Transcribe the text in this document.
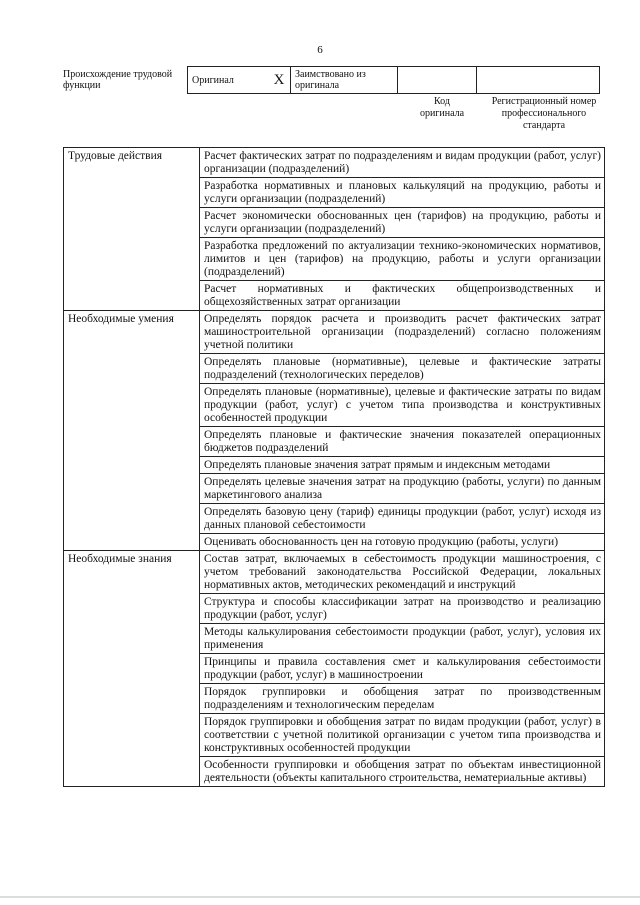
6
Происхождение трудовой функции	Оригинал	X	Заимствовано из оригинала		
Код оригинала
Регистрационный номер профессионального стандарта
Трудовые действия	Расчет фактических затрат по подразделениям и видам продукции (работ, услуг) организации (подразделений)
	Разработка нормативных и плановых калькуляций на продукцию, работы и услуги организации (подразделений)
	Расчет экономически обоснованных цен (тарифов) на продукцию, работы и услуги организации (подразделений)
	Разработка предложений по актуализации технико-экономических нормативов, лимитов и цен (тарифов) на продукцию, работы и услуги организации (подразделений)
	Расчет нормативных и фактических общепроизводственных и общехозяйственных затрат организации
Необходимые умения	Определять порядок расчета и производить расчет фактических затрат машиностроительной организации (подразделений) согласно положениям учетной политики
	Определять плановые (нормативные), целевые и фактические затраты подразделений (технологических переделов)
	Определять плановые (нормативные), целевые и фактические затраты по видам продукции (работ, услуг) с учетом типа производства и конструктивных особенностей продукции
	Определять плановые и фактические значения показателей операционных бюджетов подразделений
	Определять плановые значения затрат прямым и индексным методами
	Определять целевые значения затрат на продукцию (работы, услуги) по данным маркетингового анализа
	Определять базовую цену (тариф) единицы продукции (работ, услуг) исходя из данных плановой себестоимости
	Оценивать обоснованность цен на готовую продукцию (работы, услуги)
Необходимые знания	Состав затрат, включаемых в себестоимость продукции машиностроения, с учетом требований законодательства Российской Федерации, локальных нормативных актов, методических рекомендаций и инструкций
	Структура и способы классификации затрат на производство и реализацию продукции (работ, услуг)
	Методы калькулирования себестоимости продукции (работ, услуг), условия их применения
	Принципы и правила составления смет и калькулирования себестоимости продукции (работ, услуг) в машиностроении
	Порядок группировки и обобщения затрат по производственным подразделениям и технологическим переделам
	Порядок группировки и обобщения затрат по видам продукции (работ, услуг) в соответствии с учетной политикой организации с учетом типа производства и конструктивных особенностей продукции
	Особенности группировки и обобщения затрат по объектам инвестиционной деятельности (объекты капитального строительства, нематериальные активы)
